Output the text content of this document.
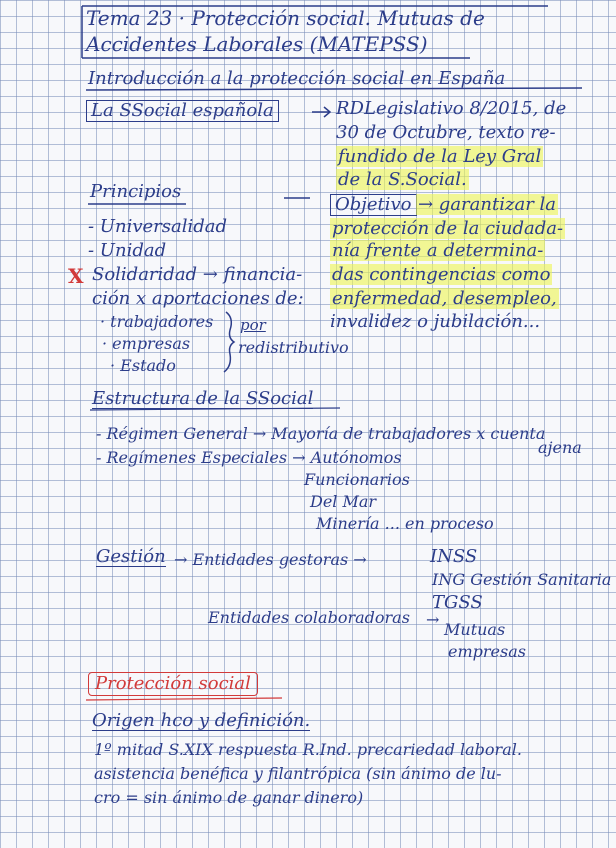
Tema 23 · Protección social. Mutuas de
Accidentes Laborales (MATEPSS)
Introducción a la protección social en España
La SSocial española	RDLegislativo 8/2015, de
30 de Octubre, texto re-
fundido de la Ley Gral
de la S.Social.
Principios
Objetivo → garantizar la
protección de la ciudada-
nía frente a determina-
das contingencias como
enfermedad, desempleo,
invalidez o jubilación...
- Universalidad
- Unidad
X Solidaridad → financia-
ción x aportaciones de:
· trabajadores
· empresas
· Estado
por
redistributivo
Estructura de la SSocial
- Régimen General → Mayoría de trabajadores x cuenta
ajena
- Regímenes Especiales → Autónomos
Funcionarios
Del Mar
Minería ... en proceso
Gestión → Entidades gestoras →	INSS
ING Gestión Sanitaria
TGSS
Entidades colaboradoras →
Mutuas
empresas
Protección social
Origen hco y definición.
1º mitad S.XIX respuesta R.Ind. precariedad laboral.
asistencia benéfica y filantrópica (sin ánimo de lu-
cro = sin ánimo de ganar dinero)
